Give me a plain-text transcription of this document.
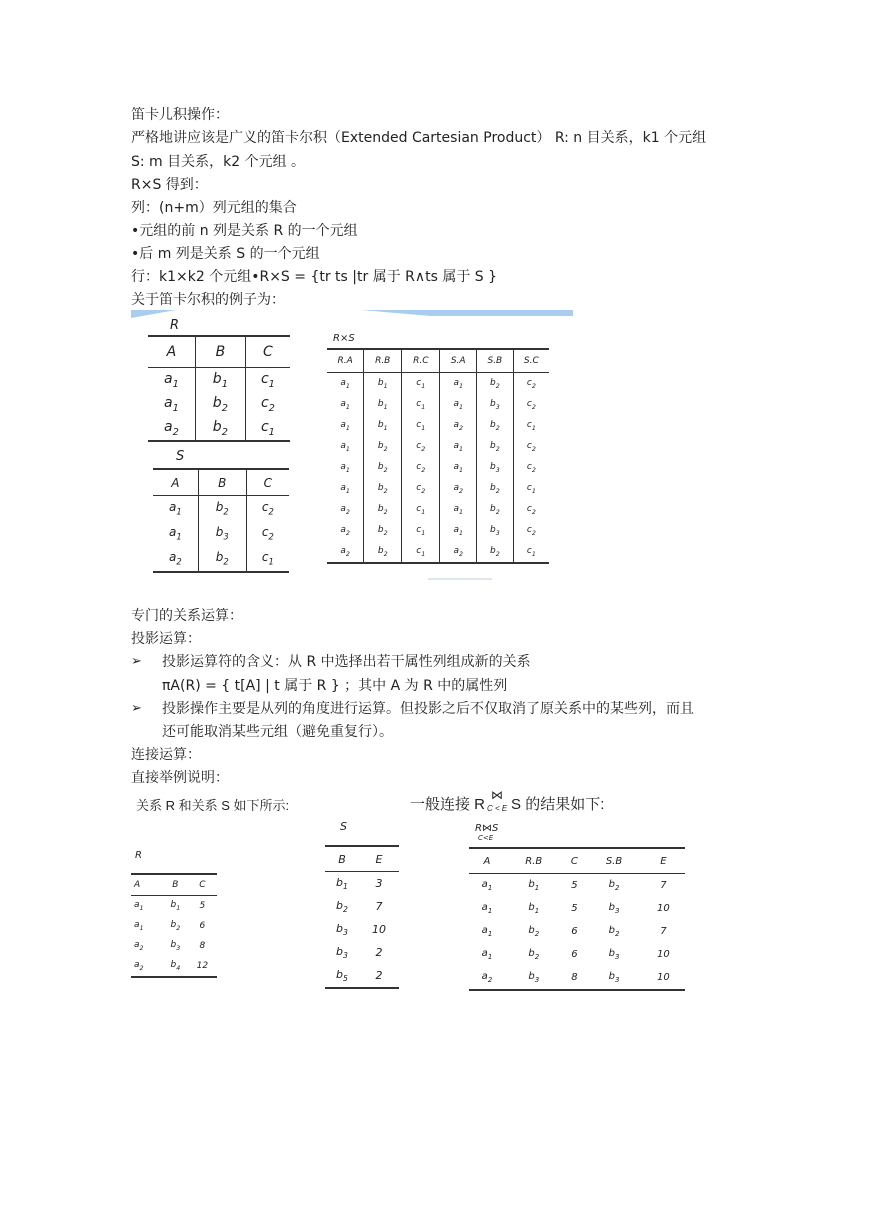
笛卡儿积操作：
严格地讲应该是广义的笛卡尔积（Extended Cartesian Product） R: n 目关系，k1 个元组
S: m 目关系，k2 个元组 。
R×S 得到：
列：(n+m）列元组的集合
•元组的前 n 列是关系 R 的一个元组
•后 m 列是关系 S 的一个元组
行：k1×k2 个元组•R×S = {tr ts |tr 属于 R∧ts 属于 S }
关于笛卡尔积的例子为：
R
A	B	C
$a_1$	$b_1$	$c_1$
$a_1$	$b_2$	$c_2$
$a_2$	$b_2$	$c_1$
S
A	B	C
$a_1$	$b_2$	$c_2$
$a_1$	$b_3$	$c_2$
$a_2$	$b_2$	$c_1$
R×S
R.A	R.B	R.C	S.A	S.B	S.C
$a_1$	$b_1$	$c_1$	$a_1$	$b_2$	$c_2$
$a_1$	$b_1$	$c_1$	$a_1$	$b_3$	$c_2$
$a_1$	$b_1$	$c_1$	$a_2$	$b_2$	$c_1$
$a_1$	$b_2$	$c_2$	$a_1$	$b_2$	$c_2$
$a_1$	$b_2$	$c_2$	$a_1$	$b_3$	$c_2$
$a_1$	$b_2$	$c_2$	$a_2$	$b_2$	$c_1$
$a_2$	$b_2$	$c_1$	$a_1$	$b_2$	$c_2$
$a_2$	$b_2$	$c_1$	$a_1$	$b_3$	$c_2$
$a_2$	$b_2$	$c_1$	$a_2$	$b_2$	$c_1$
专门的关系运算：
投影运算：
➢ 投影运算符的含义：从 R 中选择出若干属性列组成新的关系
πA(R) = { t[A] | t 属于 R } ；其中 A 为 R 中的属性列
➢ 投影操作主要是从列的角度进行运算。但投影之后不仅取消了原关系中的某些列，而且
还可能取消某些元组（避免重复行）。
连接运算：
直接举例说明：
关系 R 和关系 S 如下所示:	一般连接 R
⋈
C < E S 的结果如下:
R
A	B	C
$a_1$	$b_1$	5
$a_1$	$b_2$	6
$a_2$	$b_3$	8
$a_2$	$b_4$	12
S
B	E
$b_1$	3
$b_2$	7
$b_3$	10
$b_3$	2
$b_5$	2
R⋈S
C<E
A	R.B	C	S.B	E
$a_1$	$b_1$	5	$b_2$	7
$a_1$	$b_1$	5	$b_3$	10
$a_1$	$b_2$	6	$b_2$	7
$a_1$	$b_2$	6	$b_3$	10
$a_2$	$b_3$	8	$b_3$	10
